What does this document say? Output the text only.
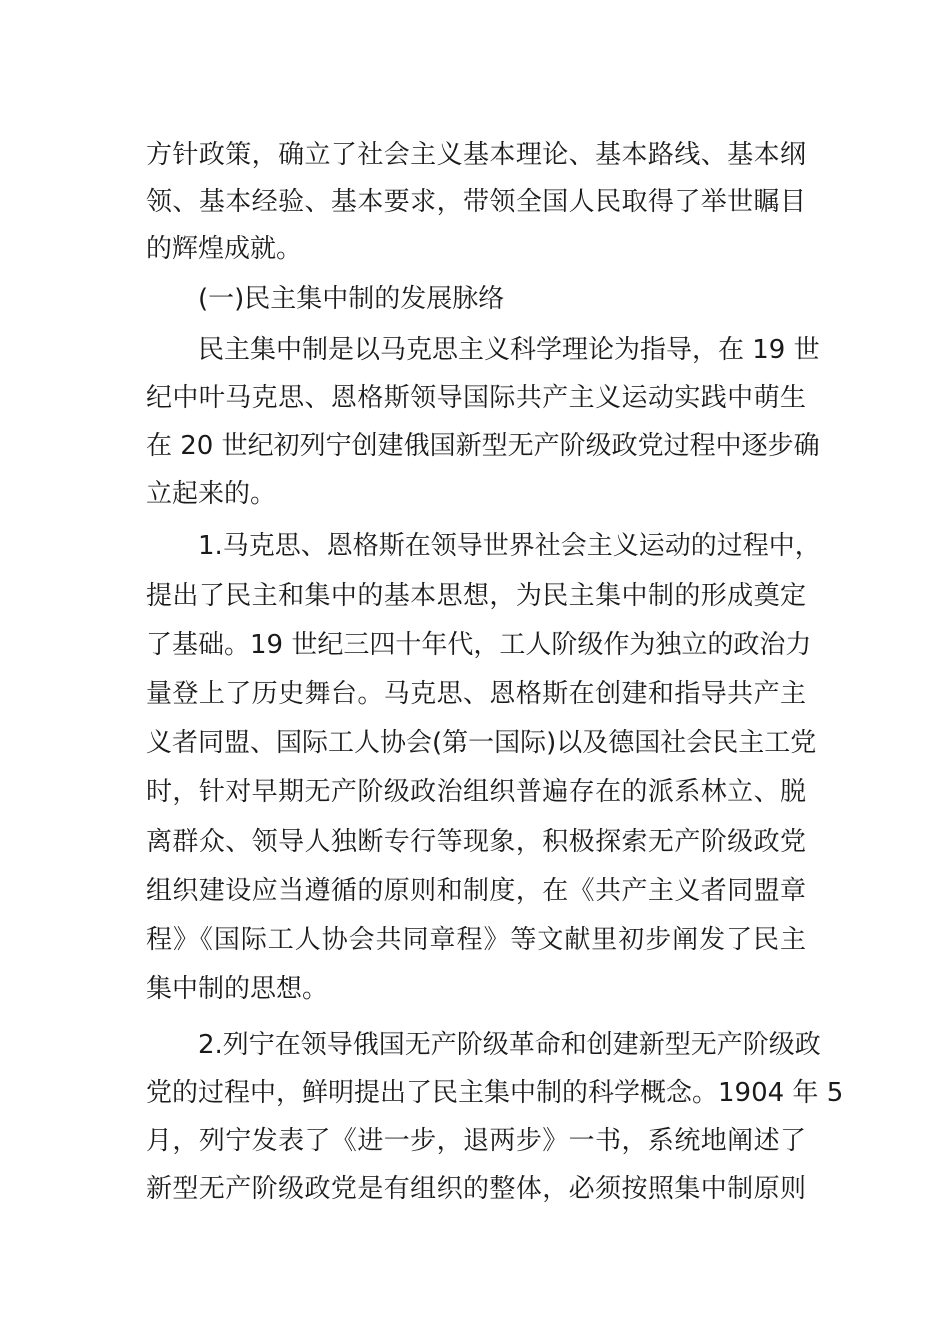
方针政策，确立了社会主义基本理论、基本路线、基本纲
领、基本经验、基本要求，带领全国人民取得了举世瞩目
的辉煌成就。
(一)民主集中制的发展脉络
民主集中制是以马克思主义科学理论为指导，在 19 世
纪中叶马克思、恩格斯领导国际共产主义运动实践中萌生
在 20 世纪初列宁创建俄国新型无产阶级政党过程中逐步确
立起来的。
1.马克思、恩格斯在领导世界社会主义运动的过程中，
提出了民主和集中的基本思想，为民主集中制的形成奠定
了基础。19 世纪三四十年代，工人阶级作为独立的政治力
量登上了历史舞台。马克思、恩格斯在创建和指导共产主
义者同盟、国际工人协会(第一国际)以及德国社会民主工党
时，针对早期无产阶级政治组织普遍存在的派系林立、脱
离群众、领导人独断专行等现象，积极探索无产阶级政党
组织建设应当遵循的原则和制度，在《共产主义者同盟章
程》《国际工人协会共同章程》等文献里初步阐发了民主
集中制的思想。
2.列宁在领导俄国无产阶级革命和创建新型无产阶级政
党的过程中，鲜明提出了民主集中制的科学概念。1904 年 5
月，列宁发表了《进一步，退两步》一书，系统地阐述了
新型无产阶级政党是有组织的整体，必须按照集中制原则
